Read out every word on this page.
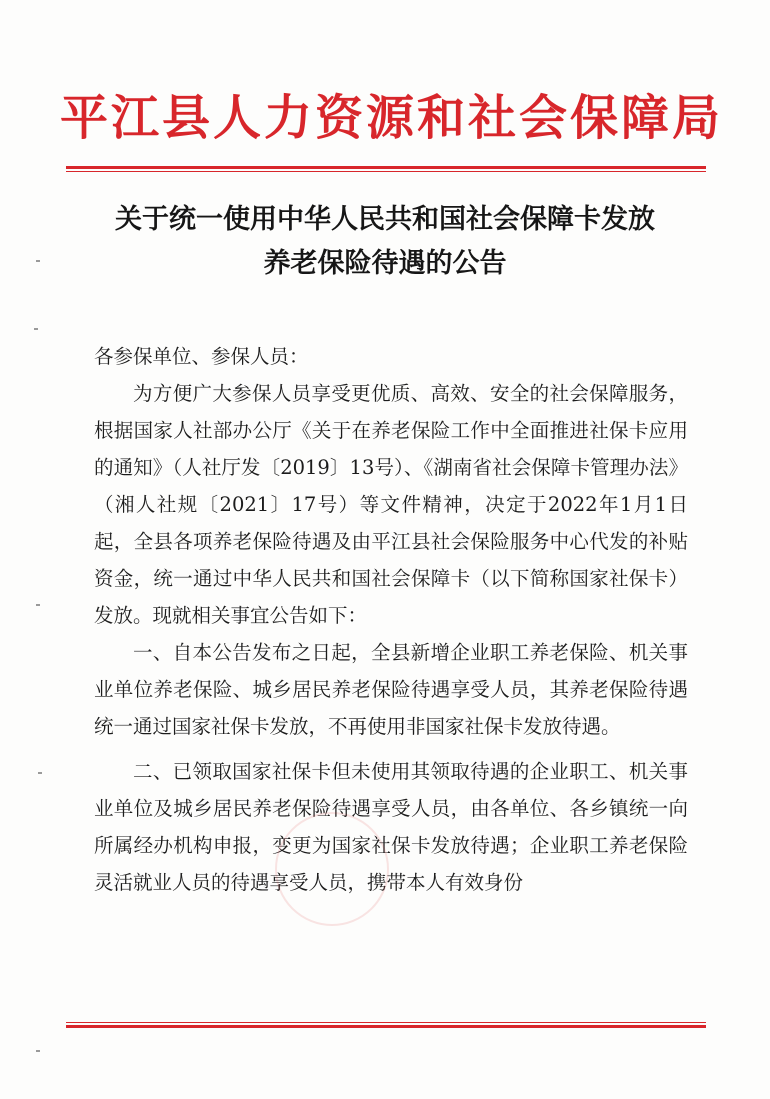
平江县人力资源和社会保障局
关于统一使用中华人民共和国社会保障卡发放
养老保险待遇的公告

各参保单位、参保人员：

为方便广大参保人员享受更优质、高效、安全的社会保障服务，根据国家人社部办公厅《关于在养老保险工作中全面推进社保卡应用的通知》（人社厅发〔2019〕13号）、《湖南省社会保障卡管理办法》（湘人社规〔2021〕17号）等文件精神，决定于2022年1月1日起，全县各项养老保险待遇及由平江县社会保险服务中心代发的补贴资金，统一通过中华人民共和国社会保障卡（以下简称国家社保卡）发放。现就相关事宜公告如下：

一、自本公告发布之日起，全县新增企业职工养老保险、机关事业单位养老保险、城乡居民养老保险待遇享受人员，其养老保险待遇统一通过国家社保卡发放，不再使用非国家社保卡发放待遇。

二、已领取国家社保卡但未使用其领取待遇的企业职工、机关事业单位及城乡居民养老保险待遇享受人员，由各单位、各乡镇统一向所属经办机构申报，变更为国家社保卡发放待遇；企业职工养老保险灵活就业人员的待遇享受人员，携带本人有效身份
